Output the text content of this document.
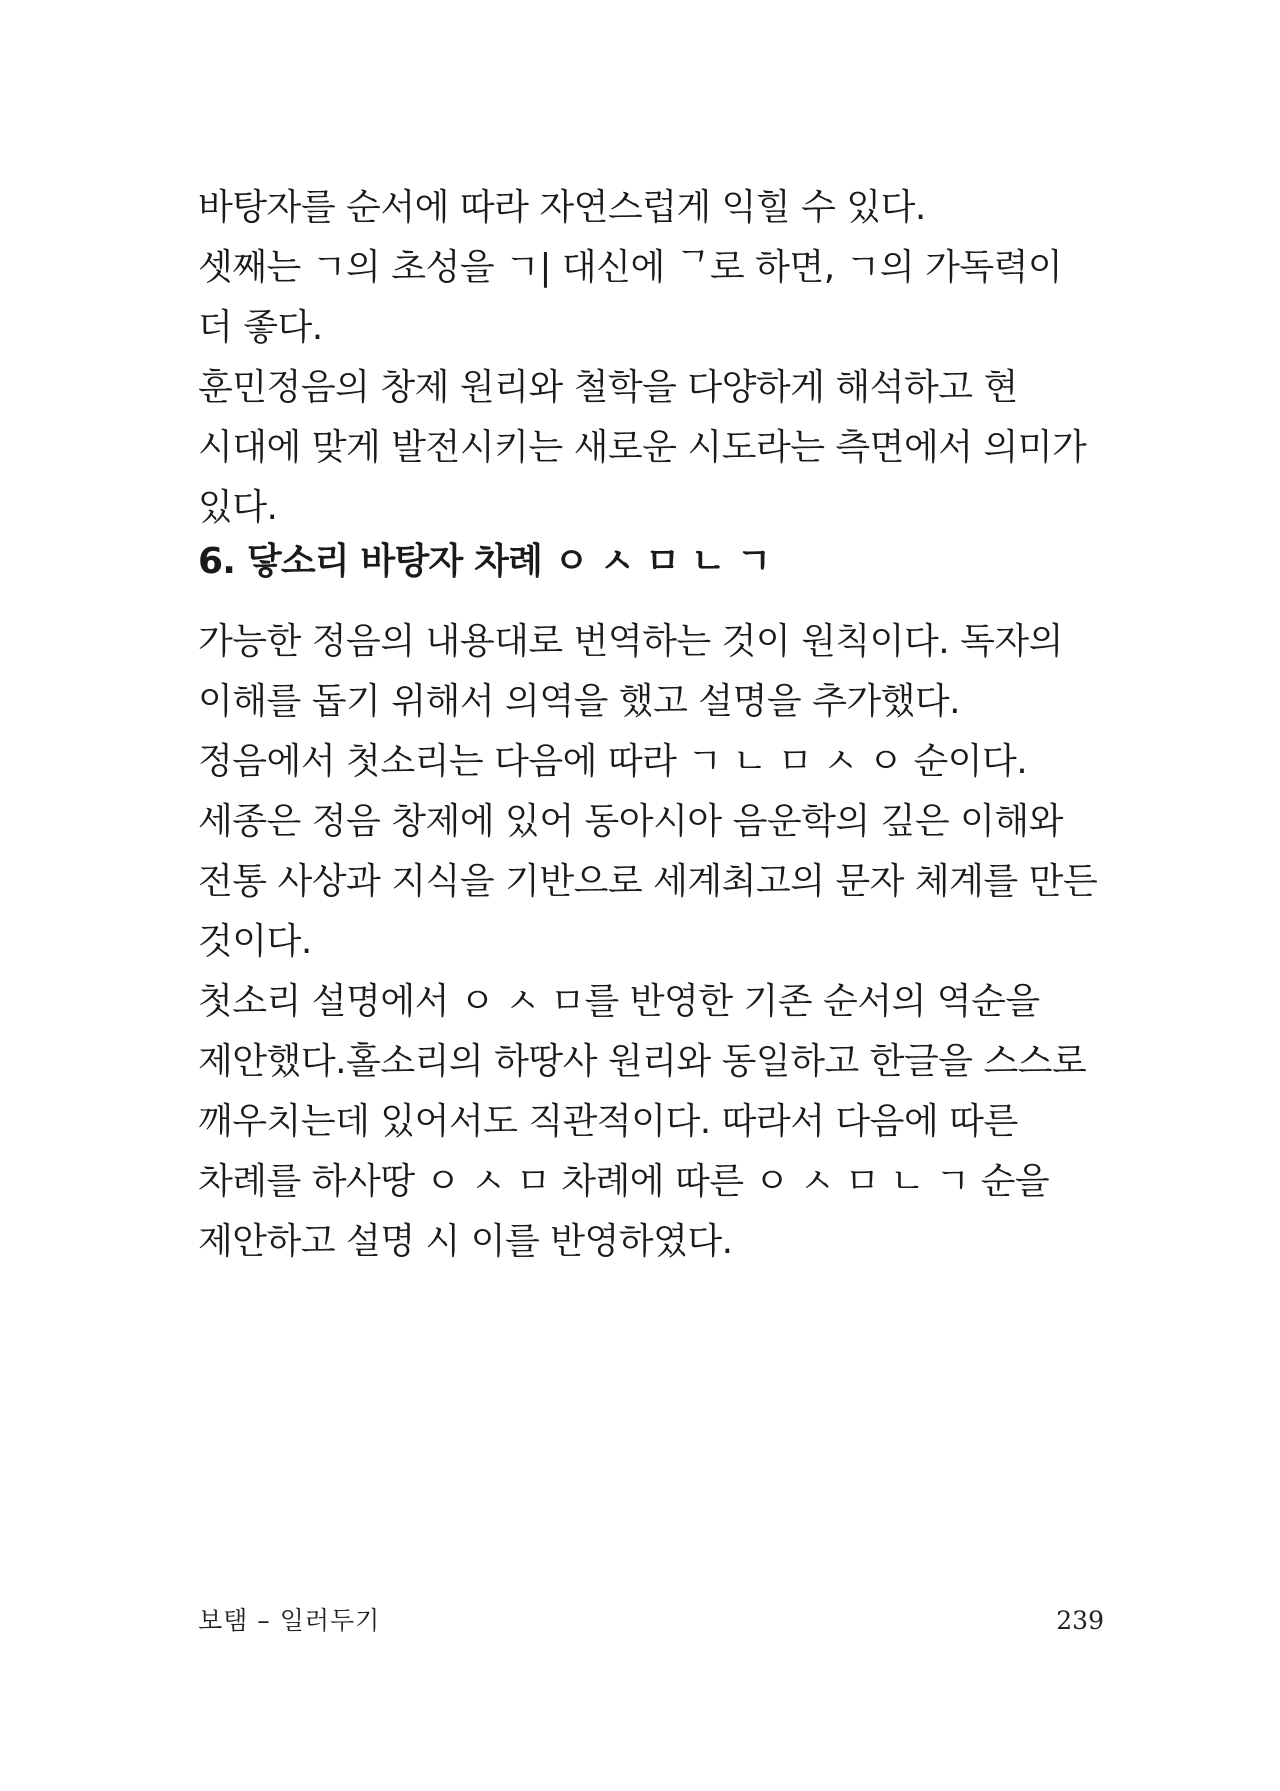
바탕자를 순서에 따라 자연스럽게 익힐 수 있다.

셋째는 ㄱ의 초성을 ㄱ| 대신에 ᄀ로 하면, ㄱ의 가독력이 더 좋다.

훈민정음의 창제 원리와 철학을 다양하게 해석하고 현 시대에 맞게 발전시키는 새로운 시도라는 측면에서 의미가 있다.

6. 닿소리 바탕자 차례 ㅇ ㅅ ㅁ ㄴ ㄱ

가능한 정음의 내용대로 번역하는 것이 원칙이다. 독자의 이해를 돕기 위해서 의역을 했고 설명을 추가했다.

정음에서 첫소리는 다음에 따라 ㄱ ㄴ ㅁ ㅅ ㅇ 순이다. 세종은 정음 창제에 있어 동아시아 음운학의 깊은 이해와 전통 사상과 지식을 기반으로 세계최고의 문자 체계를 만든 것이다.

첫소리 설명에서 ㅇ ㅅ ㅁ를 반영한 기존 순서의 역순을 제안했다.홀소리의 하땅사 원리와 동일하고 한글을 스스로 깨우치는데 있어서도 직관적이다. 따라서 다음에 따른 차례를 하사땅 ㅇ ㅅ ㅁ 차례에 따른 ㅇ ㅅ ㅁ ㄴ ㄱ 순을 제안하고 설명 시 이를 반영하였다.

보탬 – 일러두기	239
